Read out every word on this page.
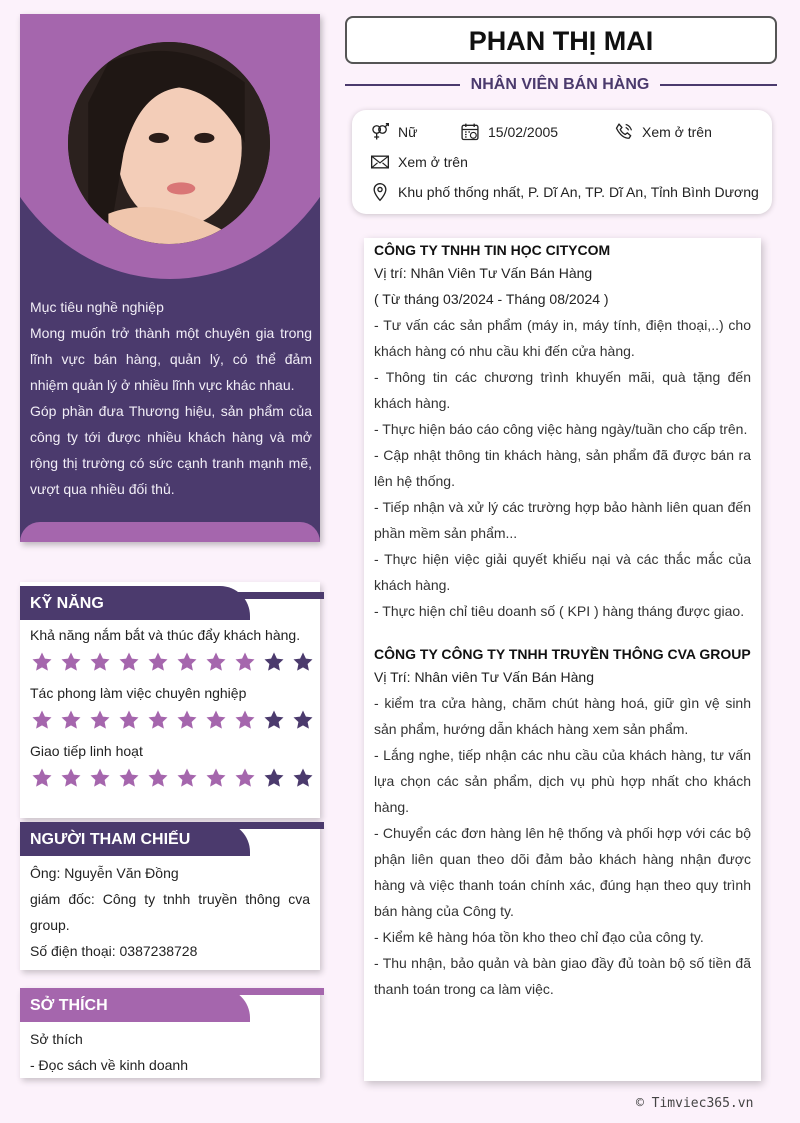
Mục tiêu nghề nghiệp

Mong muốn trở thành một chuyên gia trong lĩnh vực bán hàng, quản lý, có thể đảm nhiệm quản lý ở nhiều lĩnh vực khác nhau.

Góp phần đưa Thương hiệu, sản phẩm của công ty tới được nhiều khách hàng và mở rộng thị trường có sức cạnh tranh mạnh mẽ, vượt qua nhiều đối thủ.

KỸ NĂNG
Khả năng nắm bắt và thúc đẩy khách hàng.
Tác phong làm việc chuyên nghiệp
Giao tiếp linh hoạt
NGƯỜI THAM CHIẾU
Ông: Nguyễn Văn Đồng
giám đốc: Công ty tnhh truyền thông cva group.
Số điện thoại: 0387238728
SỞ THÍCH
Sở thích
- Đọc sách về kinh doanh
PHAN THỊ MAI
NHÂN VIÊN BÁN HÀNG
Nữ	15/02/2005	Xem ở trên
Xem ở trên
Khu phố thống nhất, P. Dĩ An, TP. Dĩ An, Tỉnh Bình Dương
CÔNG TY TNHH TIN HỌC CITYCOM
Vị trí: Nhân Viên Tư Vấn Bán Hàng
( Từ tháng 03/2024 - Tháng 08/2024 )
- Tư vấn các sản phẩm (máy in, máy tính, điện thoại,..) cho khách hàng có nhu cầu khi đến cửa hàng.
- Thông tin các chương trình khuyến mãi, quà tặng đến khách hàng.
- Thực hiện báo cáo công việc hàng ngày/tuần cho cấp trên.
- Cập nhật thông tin khách hàng, sản phẩm đã được bán ra lên hệ thống.
- Tiếp nhận và xử lý các trường hợp bảo hành liên quan đến phần mềm sản phẩm...
- Thực hiện việc giải quyết khiếu nại và các thắc mắc của khách hàng.
- Thực hiện chỉ tiêu doanh số ( KPI ) hàng tháng được giao.
CÔNG TY CÔNG TY TNHH TRUYỀN THÔNG CVA GROUP
Vị Trí: Nhân viên Tư Vấn Bán Hàng
- kiểm tra cửa hàng, chăm chút hàng hoá, giữ gìn vệ sinh sản phẩm, hướng dẫn khách hàng xem sản phẩm.
- Lắng nghe, tiếp nhận các nhu cầu của khách hàng, tư vấn lựa chọn các sản phẩm, dịch vụ phù hợp nhất cho khách hàng.
- Chuyển các đơn hàng lên hệ thống và phối hợp với các bộ phận liên quan theo dõi đảm bảo khách hàng nhận được hàng và việc thanh toán chính xác, đúng hạn theo quy trình bán hàng của Công ty.
- Kiểm kê hàng hóa tồn kho theo chỉ đạo của công ty.
- Thu nhận, bảo quản và bàn giao đầy đủ toàn bộ số tiền đã thanh toán trong ca làm việc.
© Timviec365.vn
